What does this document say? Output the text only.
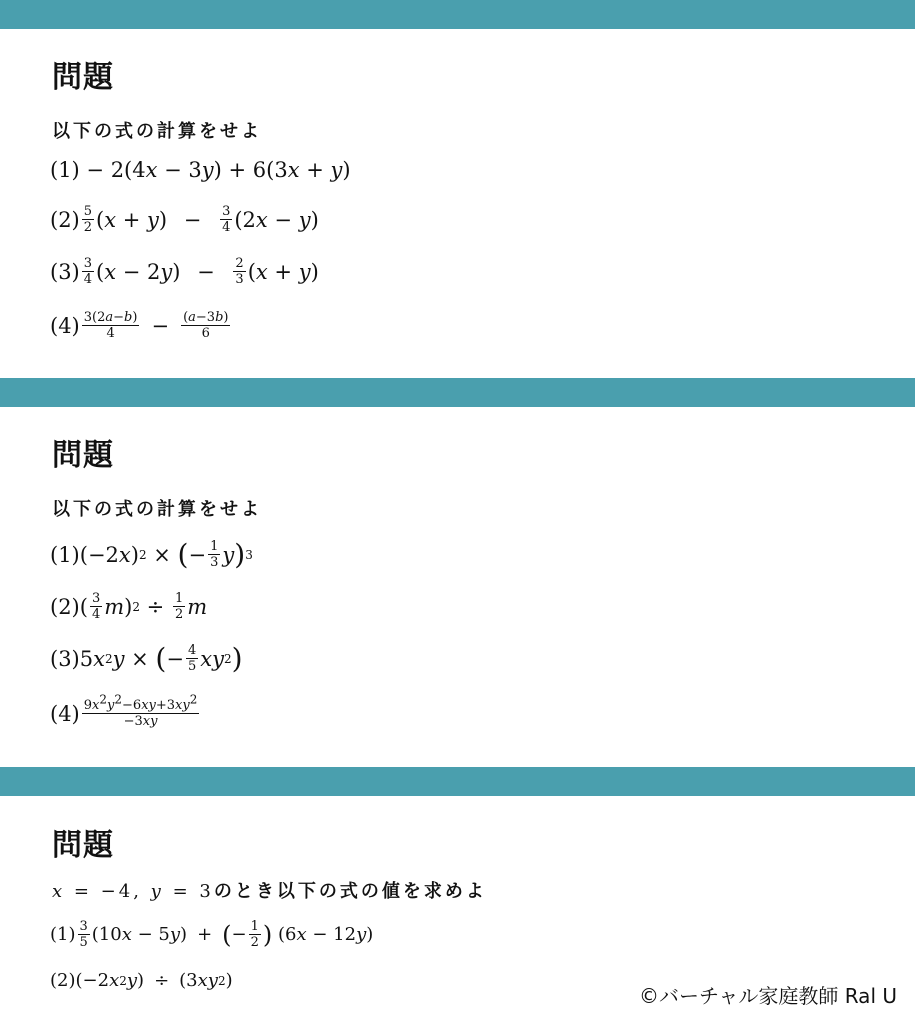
問題
以下の式の計算をせよ
(1) − 2(4 x − 3 y ) + 6(3 x + y )
$(2) \frac{5}{2}$ ( x + y ) − $\frac{3}{4} (2$ x − y )
$(3) \frac{3}{4}$ ( x − 2 y ) − $\frac{2}{3}$ ( x + y )
$(4) \frac{3(2a-b)}{4} - \frac{(a-3b)}{6}$
問題
以下の式の計算をせよ
(1)(−2 x ) 2 × ( − $\frac{1}{3}$ y ) 3
$(2)( \frac{3}{4}$ m ) $2 \div \frac{1}{2}$ m
(3)5 x 2 y × ( − $\frac{4}{5}$ xy 2 )
$(4) \frac{9x^2y^2-6xy+3xy^2}{-3xy}$
問題
x = −4, y = 3のとき以下の式の値を求めよ
$(1) \frac{3}{5} (10$ x − 5 y ) + ( − $\frac{1}{2}$ ) (6 x − 12 y )
(2)(−2 x 2 y ) ÷ (3 xy 2 )
©バーチャル家庭教師 Ral U
